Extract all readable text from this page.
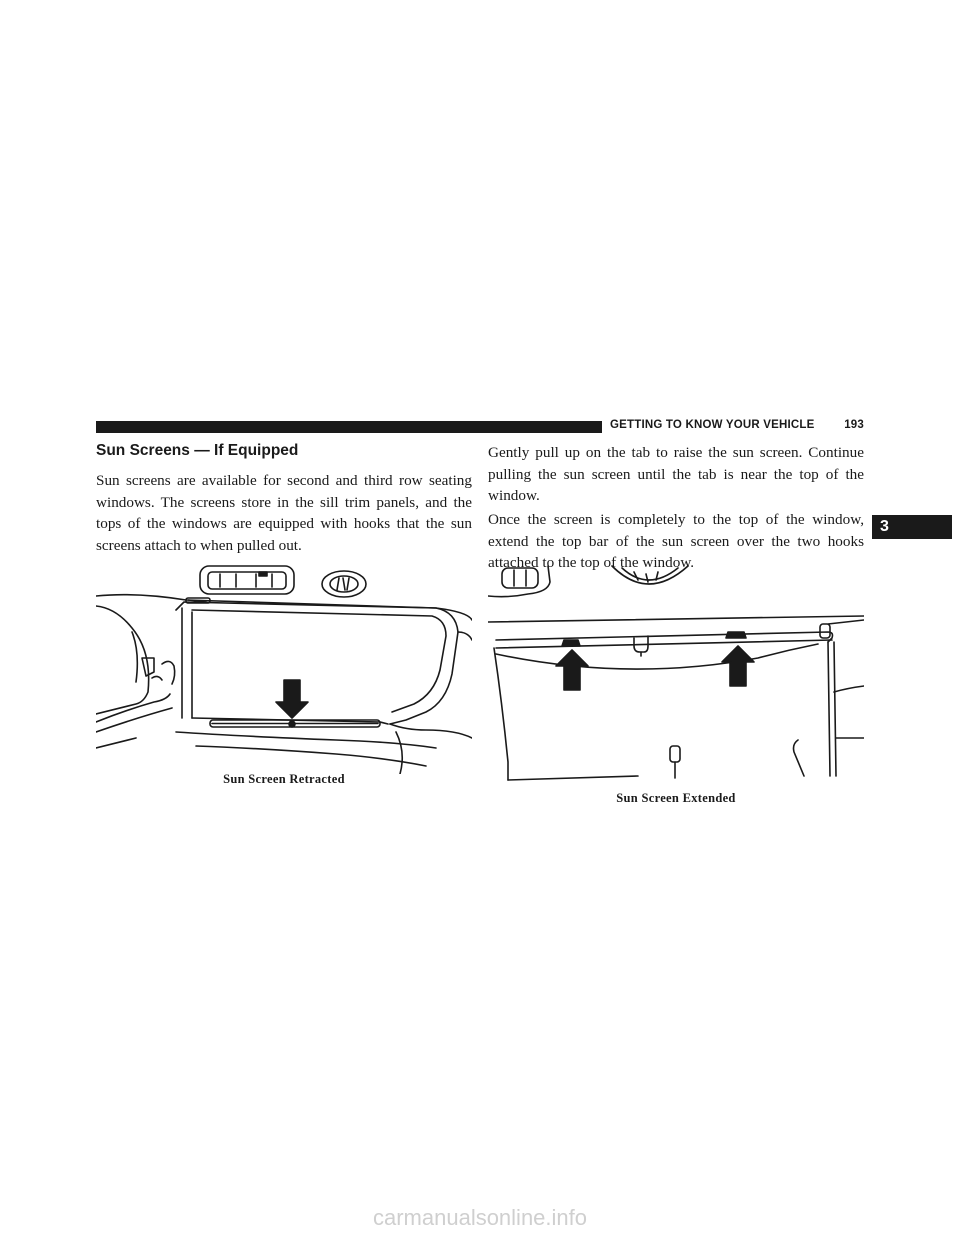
GETTING TO KNOW YOUR VEHICLE	193
3
Sun Screens — If Equipped

Sun screens are available for second and third row seating windows. The screens store in the sill trim panels, and the tops of the windows are equipped with hooks that the sun screens attach to when pulled out.

Gently pull up on the tab to raise the sun screen. Continue pulling the sun screen until the tab is near the top of the window.

Once the screen is completely to the top of the window, extend the top bar of the sun screen over the two hooks attached to the top of the window.

Sun Screen Retracted
Sun Screen Extended
carmanualsonline.info
